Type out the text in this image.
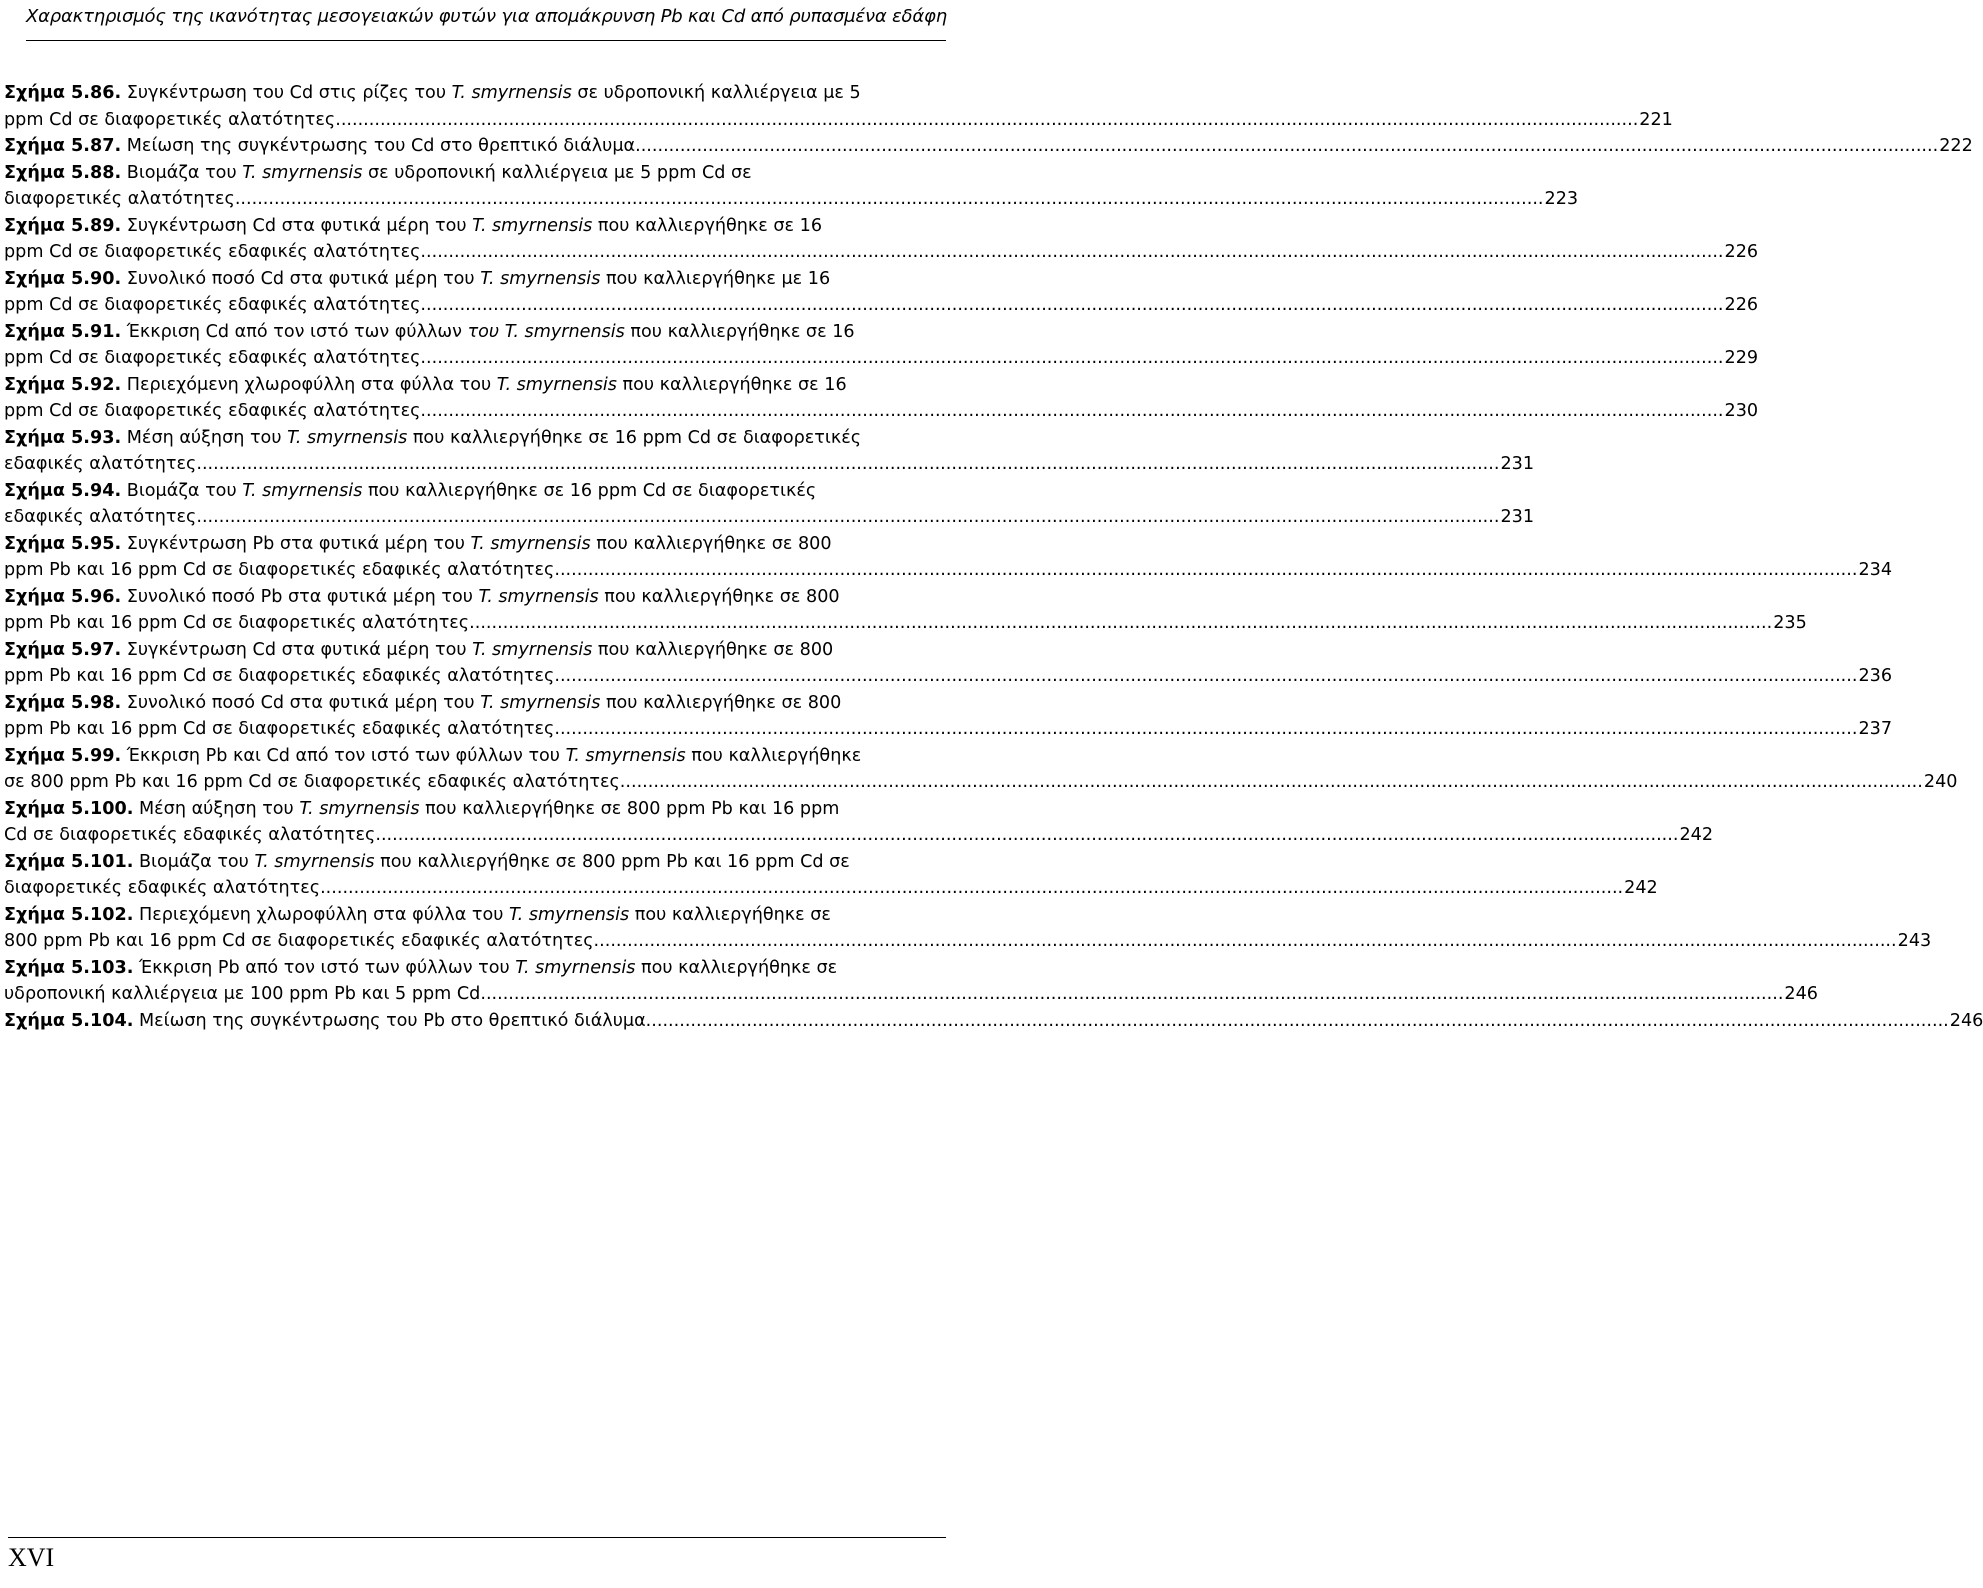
Χαρακτηρισμός της ικανότητας μεσογειακών φυτών για απομάκρυνση Pb και Cd από ρυπασμένα εδάφη
Σχήμα 5.86. Συγκέντρωση του Cd στις ρίζες του T. smyrnensis σε υδροπονική καλλιέργεια με 5
ppm Cd σε διαφορετικές αλατότητες. .....	221
Σχήμα 5.87. Μείωση της συγκέντρωσης του Cd στο θρεπτικό διάλυμα. .....	222
Σχήμα 5.88. Βιομάζα του T. smyrnensis σε υδροπονική καλλιέργεια με 5 ppm Cd σε
διαφορετικές αλατότητες.. .....	223
Σχήμα 5.89. Συγκέντρωση Cd στα φυτικά μέρη του T. smyrnensis που καλλιεργήθηκε σε 16
ppm Cd σε διαφορετικές εδαφικές αλατότητες. .....	226
Σχήμα 5.90. Συνολικό ποσό Cd στα φυτικά μέρη του T. smyrnensis που καλλιεργήθηκε με 16
ppm Cd σε διαφορετικές εδαφικές αλατότητες. .....	226
Σχήμα 5.91. Έκκριση Cd από τον ιστό των φύλλων του T. smyrnensis που καλλιεργήθηκε σε 16
ppm Cd σε διαφορετικές εδαφικές αλατότητες. .....	229
Σχήμα 5.92. Περιεχόμενη χλωροφύλλη στα φύλλα του T. smyrnensis που καλλιεργήθηκε σε 16
ppm Cd σε διαφορετικές εδαφικές αλατότητες. .....	230
Σχήμα 5.93. Μέση αύξηση του T. smyrnensis που καλλιεργήθηκε σε 16 ppm Cd σε διαφορετικές
εδαφικές αλατότητες. .....	231
Σχήμα 5.94. Βιομάζα του T. smyrnensis που καλλιεργήθηκε σε 16 ppm Cd σε διαφορετικές
εδαφικές αλατότητες. .....	231
Σχήμα 5.95. Συγκέντρωση Pb στα φυτικά μέρη του T. smyrnensis που καλλιεργήθηκε σε 800
ppm Pb και 16 ppm Cd σε διαφορετικές εδαφικές αλατότητες. .....	234
Σχήμα 5.96. Συνολικό ποσό Pb στα φυτικά μέρη του T. smyrnensis που καλλιεργήθηκε σε 800
ppm Pb και 16 ppm Cd σε διαφορετικές αλατότητες. .....	235
Σχήμα 5.97. Συγκέντρωση Cd στα φυτικά μέρη του T. smyrnensis που καλλιεργήθηκε σε 800
ppm Pb και 16 ppm Cd σε διαφορετικές εδαφικές αλατότητες. .....	236
Σχήμα 5.98. Συνολικό ποσό Cd στα φυτικά μέρη του T. smyrnensis που καλλιεργήθηκε σε 800
ppm Pb και 16 ppm Cd σε διαφορετικές εδαφικές αλατότητες. .....	237
Σχήμα 5.99. Έκκριση Pb και Cd από τον ιστό των φύλλων του T. smyrnensis που καλλιεργήθηκε
σε 800 ppm Pb και 16 ppm Cd σε διαφορετικές εδαφικές αλατότητες. .....	240
Σχήμα 5.100. Μέση αύξηση του T. smyrnensis που καλλιεργήθηκε σε 800 ppm Pb και 16 ppm
Cd σε διαφορετικές εδαφικές αλατότητες. .....	242
Σχήμα 5.101. Βιομάζα του T. smyrnensis που καλλιεργήθηκε σε 800 ppm Pb και 16 ppm Cd σε
διαφορετικές εδαφικές αλατότητες. .....	242
Σχήμα 5.102. Περιεχόμενη χλωροφύλλη στα φύλλα του T. smyrnensis που καλλιεργήθηκε σε
800 ppm Pb και 16 ppm Cd σε διαφορετικές εδαφικές αλατότητες. .....	243
Σχήμα 5.103. Έκκριση Pb από τον ιστό των φύλλων του T. smyrnensis που καλλιεργήθηκε σε
υδροπονική καλλιέργεια με 100 ppm Pb και 5 ppm Cd. .....	246
Σχήμα 5.104. Μείωση της συγκέντρωσης του Pb στο θρεπτικό διάλυμα. .....	246
XVI
